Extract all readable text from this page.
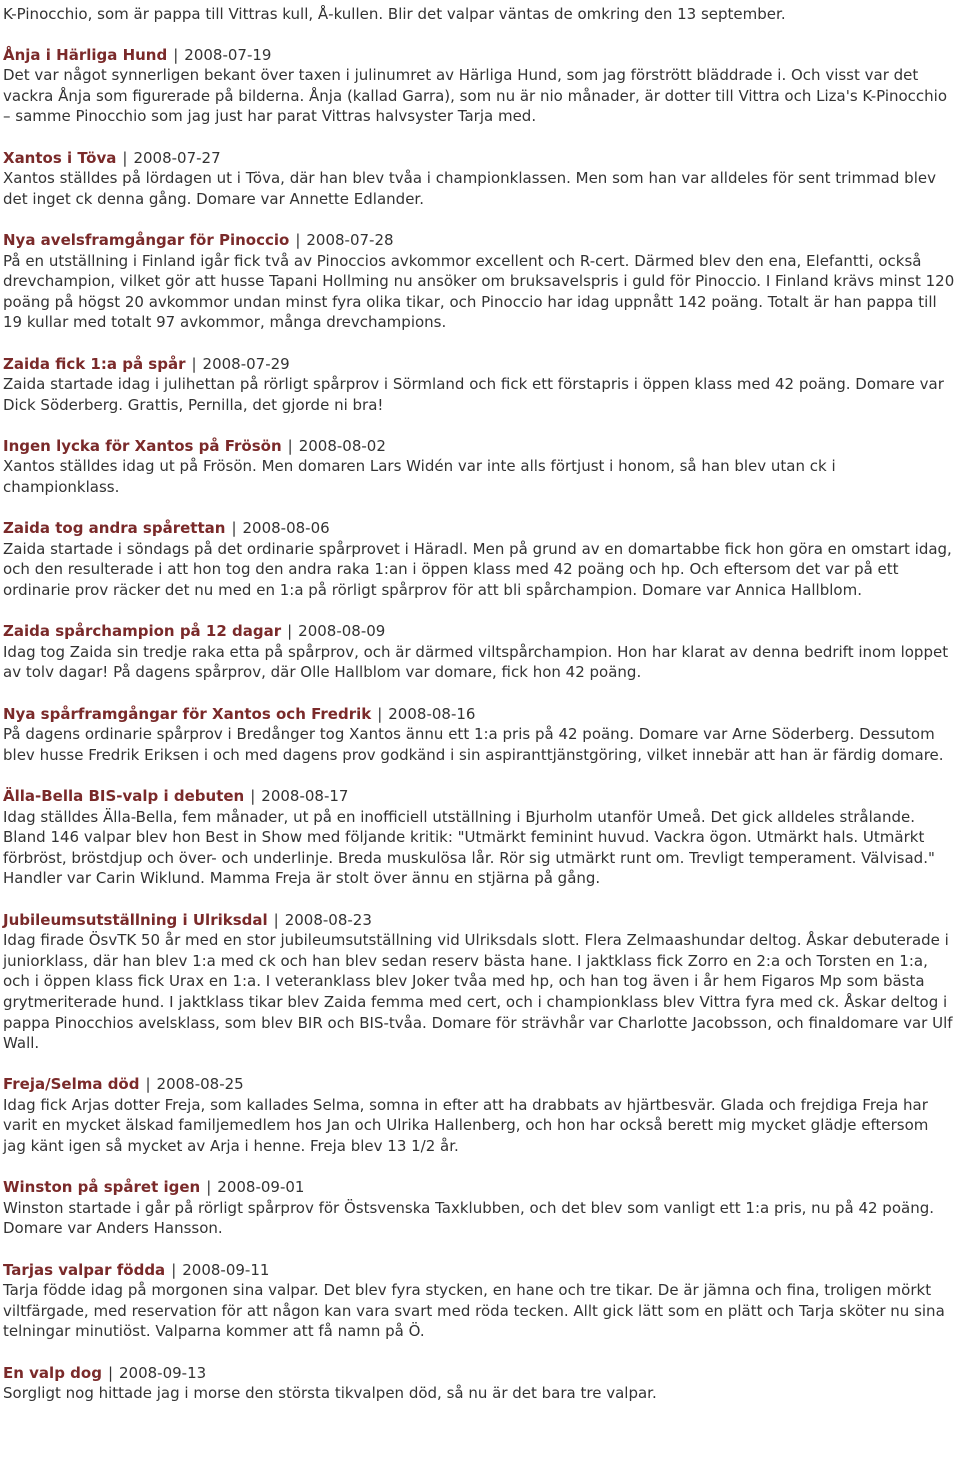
K-Pinocchio, som är pappa till Vittras kull, Å-kullen. Blir det valpar väntas de omkring den 13 september.
Ånja i Härliga Hund | 2008-07-19
Det var något synnerligen bekant över taxen i julinumret av Härliga Hund, som jag förstrött bläddrade i. Och visst var det vackra Ånja som figurerade på bilderna. Ånja (kallad Garra), som nu är nio månader, är dotter till Vittra och Liza's K-Pinocchio – samme Pinocchio som jag just har parat Vittras halvsyster Tarja med.
Xantos i Töva | 2008-07-27
Xantos ställdes på lördagen ut i Töva, där han blev tvåa i championklassen. Men som han var alldeles för sent trimmad blev det inget ck denna gång. Domare var Annette Edlander.
Nya avelsframgångar för Pinoccio | 2008-07-28
På en utställning i Finland igår fick två av Pinoccios avkommor excellent och R-cert. Därmed blev den ena, Elefantti, också drevchampion, vilket gör att husse Tapani Hollming nu ansöker om bruksavelspris i guld för Pinoccio. I Finland krävs minst 120 poäng på högst 20 avkommor undan minst fyra olika tikar, och Pinoccio har idag uppnått 142 poäng. Totalt är han pappa till 19 kullar med totalt 97 avkommor, många drevchampions.
Zaida fick 1:a på spår | 2008-07-29
Zaida startade idag i julihettan på rörligt spårprov i Sörmland och fick ett förstapris i öppen klass med 42 poäng. Domare var Dick Söderberg. Grattis, Pernilla, det gjorde ni bra!
Ingen lycka för Xantos på Frösön | 2008-08-02
Xantos ställdes idag ut på Frösön. Men domaren Lars Widén var inte alls förtjust i honom, så han blev utan ck i championklass.
Zaida tog andra spårettan | 2008-08-06
Zaida startade i söndags på det ordinarie spårprovet i Häradl. Men på grund av en domartabbe fick hon göra en omstart idag, och den resulterade i att hon tog den andra raka 1:an i öppen klass med 42 poäng och hp. Och eftersom det var på ett ordinarie prov räcker det nu med en 1:a på rörligt spårprov för att bli spårchampion. Domare var Annica Hallblom.
Zaida spårchampion på 12 dagar | 2008-08-09
Idag tog Zaida sin tredje raka etta på spårprov, och är därmed viltspårchampion. Hon har klarat av denna bedrift inom loppet av tolv dagar! På dagens spårprov, där Olle Hallblom var domare, fick hon 42 poäng.
Nya spårframgångar för Xantos och Fredrik | 2008-08-16
På dagens ordinarie spårprov i Bredånger tog Xantos ännu ett 1:a pris på 42 poäng. Domare var Arne Söderberg. Dessutom blev husse Fredrik Eriksen i och med dagens prov godkänd i sin aspiranttjänstgöring, vilket innebär att han är färdig domare.
Älla-Bella BIS-valp i debuten | 2008-08-17
Idag ställdes Älla-Bella, fem månader, ut på en inofficiell utställning i Bjurholm utanför Umeå. Det gick alldeles strålande. Bland 146 valpar blev hon Best in Show med följande kritik: "Utmärkt feminint huvud. Vackra ögon. Utmärkt hals. Utmärkt förbröst, bröstdjup och över- och underlinje. Breda muskulösa lår. Rör sig utmärkt runt om. Trevligt temperament. Välvisad." Handler var Carin Wiklund. Mamma Freja är stolt över ännu en stjärna på gång.
Jubileumsutställning i Ulriksdal | 2008-08-23
Idag firade ÖsvTK 50 år med en stor jubileumsutställning vid Ulriksdals slott. Flera Zelmaashundar deltog. Åskar debuterade i juniorklass, där han blev 1:a med ck och han blev sedan reserv bästa hane. I jaktklass fick Zorro en 2:a och Torsten en 1:a, och i öppen klass fick Urax en 1:a. I veteranklass blev Joker tvåa med hp, och han tog även i år hem Figaros Mp som bästa grytmeriterade hund. I jaktklass tikar blev Zaida femma med cert, och i championklass blev Vittra fyra med ck. Åskar deltog i pappa Pinocchios avelsklass, som blev BIR och BIS-tvåa. Domare för strävhår var Charlotte Jacobsson, och finaldomare var Ulf Wall.
Freja/Selma död | 2008-08-25
Idag fick Arjas dotter Freja, som kallades Selma, somna in efter att ha drabbats av hjärtbesvär. Glada och frejdiga Freja har varit en mycket älskad familjemedlem hos Jan och Ulrika Hallenberg, och hon har också berett mig mycket glädje eftersom jag känt igen så mycket av Arja i henne. Freja blev 13 1/2 år.
Winston på spåret igen | 2008-09-01
Winston startade i går på rörligt spårprov för Östsvenska Taxklubben, och det blev som vanligt ett 1:a pris, nu på 42 poäng. Domare var Anders Hansson.
Tarjas valpar födda | 2008-09-11
Tarja födde idag på morgonen sina valpar. Det blev fyra stycken, en hane och tre tikar. De är jämna och fina, troligen mörkt viltfärgade, med reservation för att någon kan vara svart med röda tecken. Allt gick lätt som en plätt och Tarja sköter nu sina telningar minutiöst. Valparna kommer att få namn på Ö.
En valp dog | 2008-09-13
Sorgligt nog hittade jag i morse den största tikvalpen död, så nu är det bara tre valpar.
